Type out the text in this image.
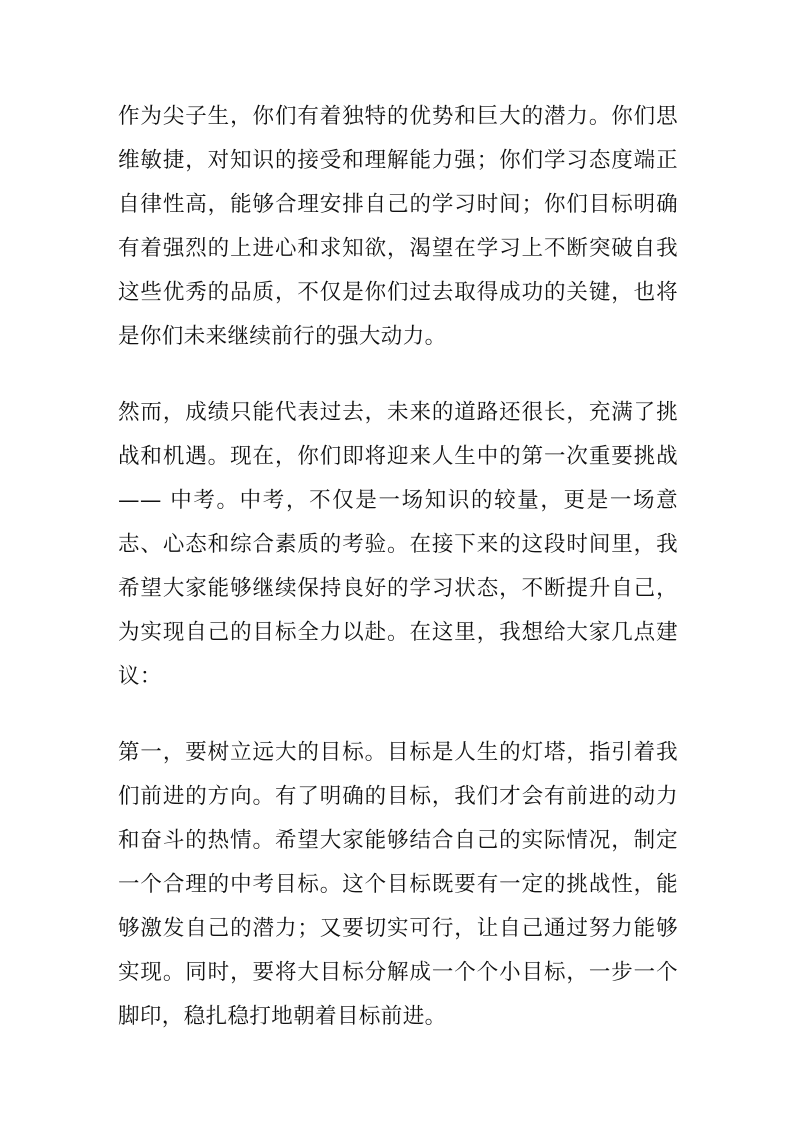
作为尖子生，你们有着独特的优势和巨大的潜力。你们思维敏捷，对知识的接受和理解能力强；你们学习态度端正自律性高，能够合理安排自己的学习时间；你们目标明确有着强烈的上进心和求知欲，渴望在学习上不断突破自我这些优秀的品质，不仅是你们过去取得成功的关键，也将是你们未来继续前行的强大动力。

然而，成绩只能代表过去，未来的道路还很长，充满了挑战和机遇。现在，你们即将迎来人生中的第一次重要挑战—— 中考。中考，不仅是一场知识的较量，更是一场意志、心态和综合素质的考验。在接下来的这段时间里，我希望大家能够继续保持良好的学习状态，不断提升自己，为实现自己的目标全力以赴。在这里，我想给大家几点建议：

第一，要树立远大的目标。目标是人生的灯塔，指引着我们前进的方向。有了明确的目标，我们才会有前进的动力和奋斗的热情。希望大家能够结合自己的实际情况，制定一个合理的中考目标。这个目标既要有一定的挑战性，能够激发自己的潜力；又要切实可行，让自己通过努力能够实现。同时，要将大目标分解成一个个小目标，一步一个脚印，稳扎稳打地朝着目标前进。
